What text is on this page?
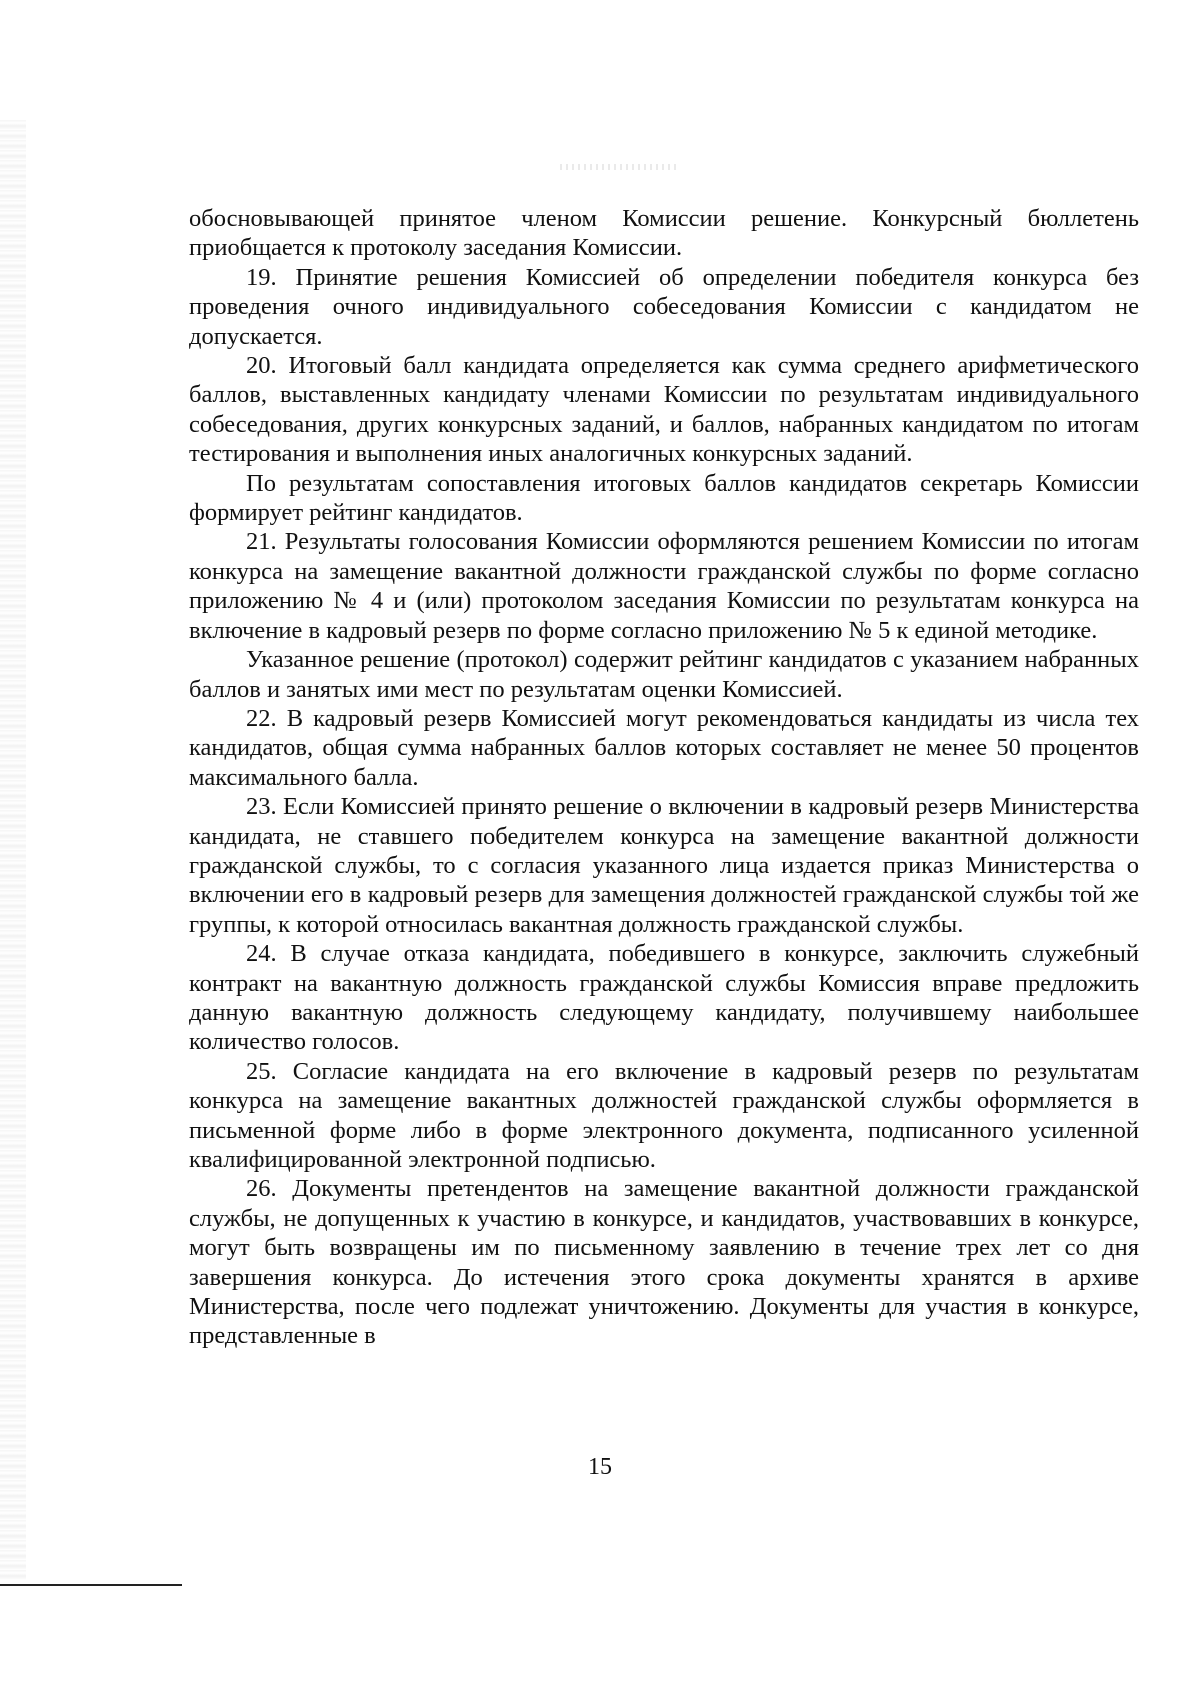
обосновывающей принятое членом Комиссии решение. Конкурсный бюллетень приобщается к протоколу заседания Комиссии.

19. Принятие решения Комиссией об определении победителя конкурса без проведения очного индивидуального собеседования Комиссии с кандидатом не допускается.

20. Итоговый балл кандидата определяется как сумма среднего арифметического баллов, выставленных кандидату членами Комиссии по результатам индивидуального собеседования, других конкурсных заданий, и баллов, набранных кандидатом по итогам тестирования и выполнения иных аналогичных конкурсных заданий.

По результатам сопоставления итоговых баллов кандидатов секретарь Комиссии формирует рейтинг кандидатов.

21. Результаты голосования Комиссии оформляются решением Комиссии по итогам конкурса на замещение вакантной должности гражданской службы по форме согласно приложению № 4 и (или) протоколом заседания Комиссии по результатам конкурса на включение в кадровый резерв по форме согласно приложению № 5 к единой методике.

Указанное решение (протокол) содержит рейтинг кандидатов с указанием набранных баллов и занятых ими мест по результатам оценки Комиссией.

22. В кадровый резерв Комиссией могут рекомендоваться кандидаты из числа тех кандидатов, общая сумма набранных баллов которых составляет не менее 50 процентов максимального балла.

23. Если Комиссией принято решение о включении в кадровый резерв Министерства кандидата, не ставшего победителем конкурса на замещение вакантной должности гражданской службы, то с согласия указанного лица издается приказ Министерства о включении его в кадровый резерв для замещения должностей гражданской службы той же группы, к которой относилась вакантная должность гражданской службы.

24. В случае отказа кандидата, победившего в конкурсе, заключить служебный контракт на вакантную должность гражданской службы Комиссия вправе предложить данную вакантную должность следующему кандидату, получившему наибольшее количество голосов.

25. Согласие кандидата на его включение в кадровый резерв по результатам конкурса на замещение вакантных должностей гражданской службы оформляется в письменной форме либо в форме электронного документа, подписанного усиленной квалифицированной электронной подписью.

26. Документы претендентов на замещение вакантной должности гражданской службы, не допущенных к участию в конкурсе, и кандидатов, участвовавших в конкурсе, могут быть возвращены им по письменному заявлению в течение трех лет со дня завершения конкурса. До истечения этого срока документы хранятся в архиве Министерства, после чего подлежат уничтожению. Документы для участия в конкурсе, представленные в

15
